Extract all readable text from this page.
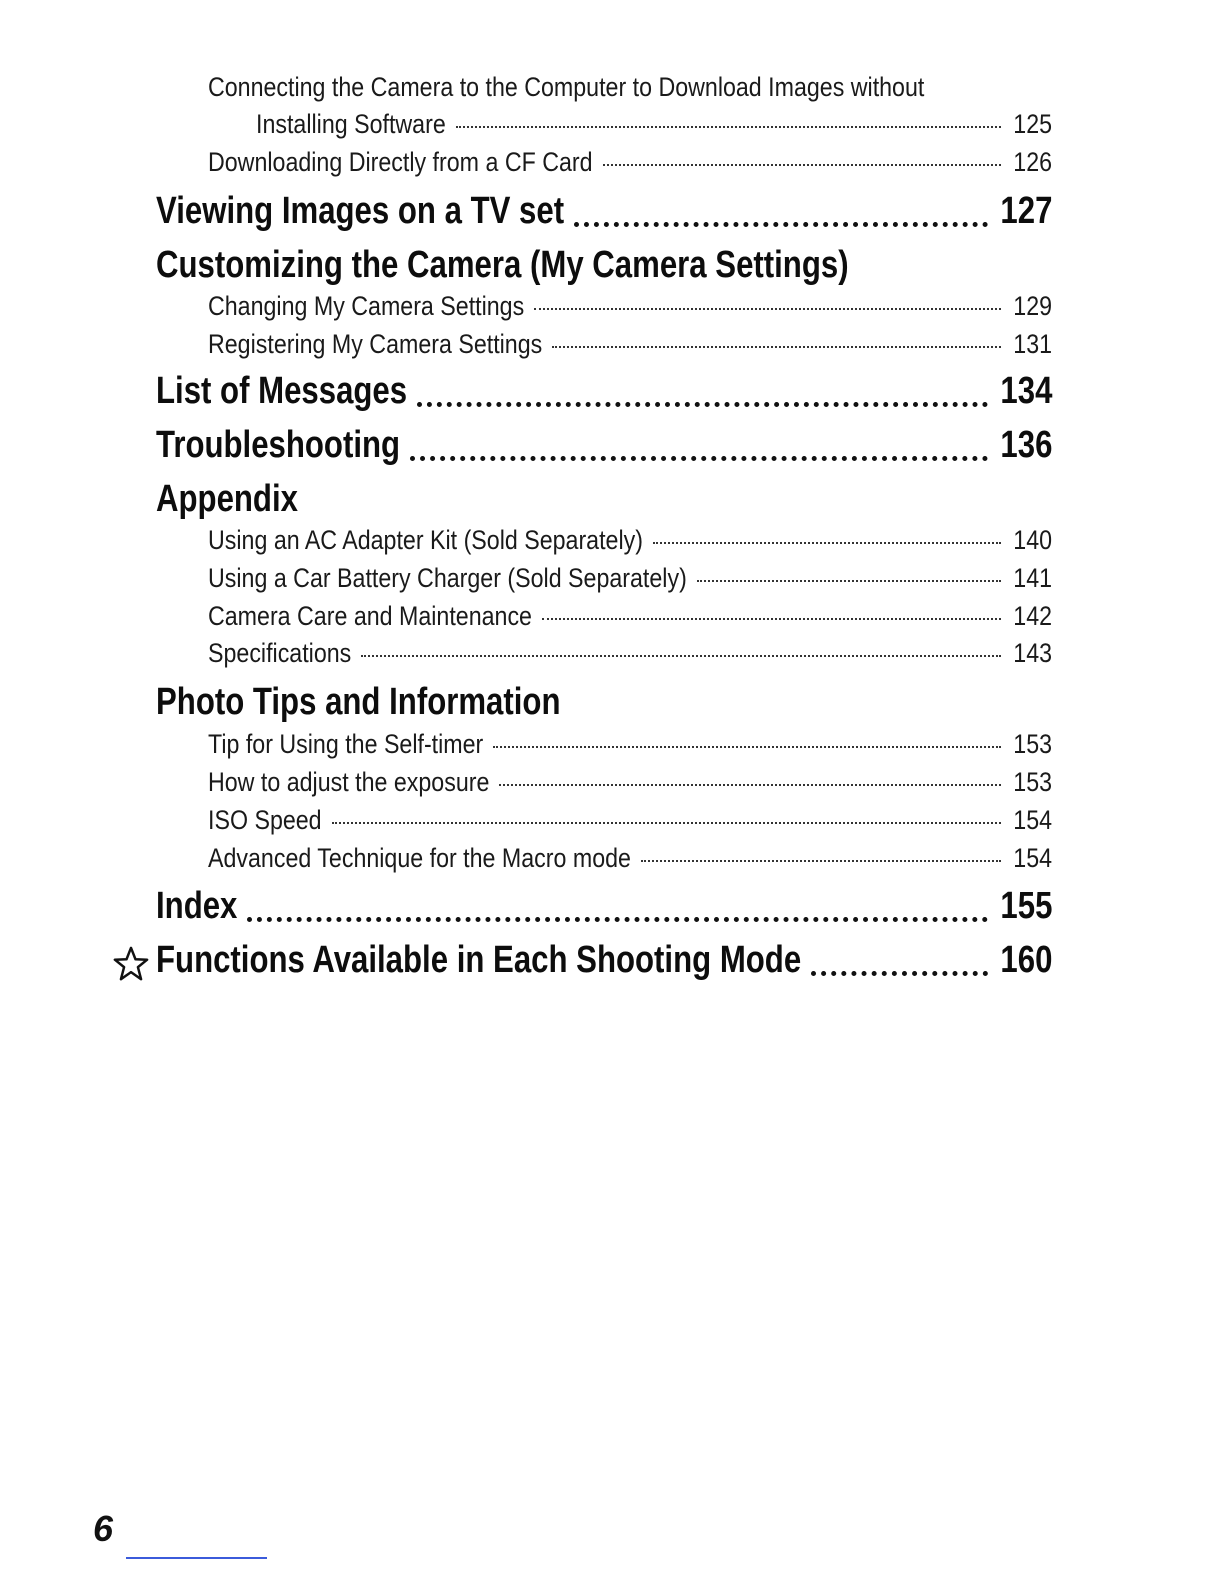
Connecting the Camera to the Computer to Download Images without
Installing Software	125
Downloading Directly from a CF Card	126
Viewing Images on a TV set	127
Customizing the Camera (My Camera Settings)
Changing My Camera Settings	129
Registering My Camera Settings	131
List of Messages	134
Troubleshooting	136
Appendix
Using an AC Adapter Kit (Sold Separately)	140
Using a Car Battery Charger (Sold Separately)	141
Camera Care and Maintenance	142
Specifications	143
Photo Tips and Information
Tip for Using the Self-timer	153
How to adjust the exposure	153
ISO Speed	154
Advanced Technique for the Macro mode	154
Index	155
Functions Available in Each Shooting Mode	160
6
